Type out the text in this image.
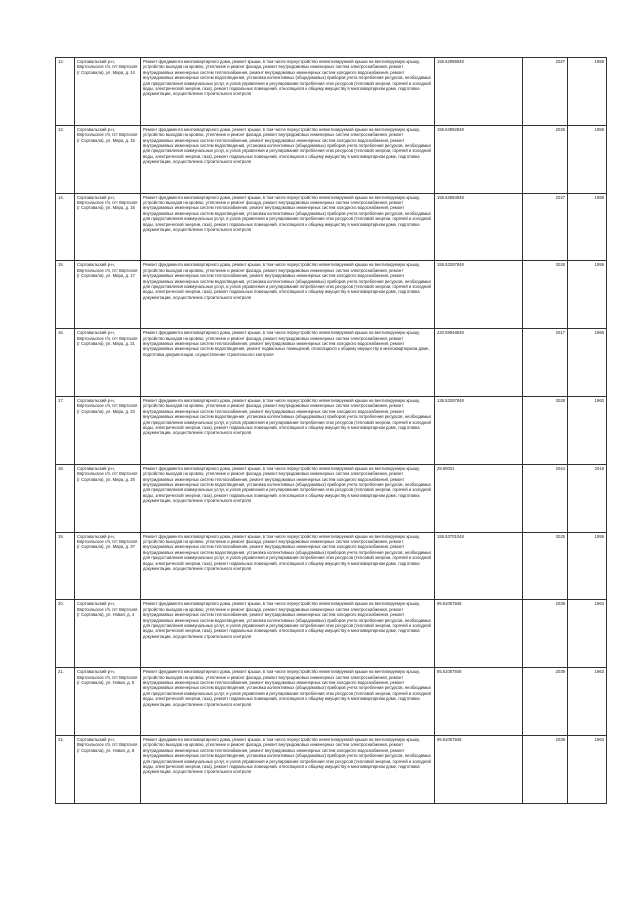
12.	Сортавальский р-н, Вяртсильское г/п, пгт Вяртсиля (г Сортавала), ул. Мира, д. 14	Ремонт фундамента многоквартирного дома, ремонт крыши, в том числе переустройство невентилируемой крыши на вентилируемую крышу, устройство выходов на кровлю, утепление и ремонт фасада, ремонт внутридомовых инженерных систем электроснабжения, ремонт внутридомовых инженерных систем теплоснабжения, ремонт внутридомовых инженерных систем холодного водоснабжения, ремонт внутридомовых инженерных систем водоотведения, установка коллективных (общедомовых) приборов учета потребления ресурсов, необходимых для предоставления коммунальных услуг, и узлов управления и регулирования потребления этих ресурсов (тепловой энергии, горячей и холодной воды, электрической энергии, газа), ремонт подвальных помещений, относящихся к общему имуществу в многоквартирном доме, подготовка документации, осуществление строительного контроля	155.52996848	2027	1959
13.	Сортавальский р-н, Вяртсильское г/п, пгт Вяртсиля (г Сортавала), ул. Мира, д. 15	Ремонт фундамента многоквартирного дома, ремонт крыши, в том числе переустройство невентилируемой крыши на вентилируемую крышу, устройство выходов на кровлю, утепление и ремонт фасада, ремонт внутридомовых инженерных систем электроснабжения, ремонт внутридомовых инженерных систем теплоснабжения, ремонт внутридомовых инженерных систем холодного водоснабжения, ремонт внутридомовых инженерных систем водоотведения, установка коллективных (общедомовых) приборов учета потребления ресурсов, необходимых для предоставления коммунальных услуг, и узлов управления и регулирования потребления этих ресурсов (тепловой энергии, горячей и холодной воды, электрической энергии, газа), ремонт подвальных помещений, относящихся к общему имуществу в многоквартирном доме, подготовка документации, осуществление строительного контроля	155.53992848	2026	1958
14.	Сортавальский р-н, Вяртсильское г/п, пгт Вяртсиля (г Сортавала), ул. Мира, д. 16	Ремонт фундамента многоквартирного дома, ремонт крыши, в том числе переустройство невентилируемой крыши на вентилируемую крышу, устройство выходов на кровлю, утепление и ремонт фасада, ремонт внутридомовых инженерных систем электроснабжения, ремонт внутридомовых инженерных систем теплоснабжения, ремонт внутридомовых инженерных систем холодного водоснабжения, ремонт внутридомовых инженерных систем водоотведения, установка коллективных (общедомовых) приборов учета потребления ресурсов, необходимых для предоставления коммунальных услуг, и узлов управления и регулирования потребления этих ресурсов (тепловой энергии, горячей и холодной воды, электрической энергии, газа), ремонт подвальных помещений, относящихся к общему имуществу в многоквартирном доме, подготовка документации, осуществление строительного контроля	155.52994848	2027	1959
15.	Сортавальский р-н, Вяртсильское г/п, пгт Вяртсиля (г Сортавала), ул. Мира, д. 17	Ремонт фундамента многоквартирного дома, ремонт крыши, в том числе переустройство невентилируемой крыши на вентилируемую крышу, устройство выходов на кровлю, утепление и ремонт фасада, ремонт внутридомовых инженерных систем электроснабжения, ремонт внутридомовых инженерных систем теплоснабжения, ремонт внутридомовых инженерных систем холодного водоснабжения, ремонт внутридомовых инженерных систем водоотведения, установка коллективных (общедомовых) приборов учета потребления ресурсов, необходимых для предоставления коммунальных услуг, и узлов управления и регулирования потребления этих ресурсов (тепловой энергии, горячей и холодной воды, электрической энергии, газа), ремонт подвальных помещений, относящихся к общему имуществу в многоквартирном доме, подготовка документации, осуществление строительного контроля	155.53297848	2026	1959
16.	Сортавальский р-н, Вяртсильское г/п, пгт Вяртсиля (г Сортавала), ул. Мира, д. 21	Ремонт фундамента многоквартирного дома, ремонт крыши, в том числе переустройство невентилируемой крыши на вентилируемую крышу, устройство выходов на кровлю, утепление и ремонт фасада, ремонт внутридомовых инженерных систем электроснабжения, ремонт внутридомовых инженерных систем теплоснабжения, ремонт внутридомовых инженерных систем холодного водоснабжения, ремонт внутридомовых инженерных систем водоотведения, ремонт подвальных помещений, относящихся к общему имуществу в многоквартирном доме, подготовка документации, осуществление строительного контроля	220.59948848	2017	1966
17.	Сортавальский р-н, Вяртсильское г/п, пгт Вяртсиля (г Сортавала), ул. Мира, д. 23	Ремонт фундамента многоквартирного дома, ремонт крыши, в том числе переустройство невентилируемой крыши на вентилируемую крышу, устройство выходов на кровлю, утепление и ремонт фасада, ремонт внутридомовых инженерных систем электроснабжения, ремонт внутридомовых инженерных систем теплоснабжения, ремонт внутридомовых инженерных систем холодного водоснабжения, ремонт внутридомовых инженерных систем водоотведения, установка коллективных (общедомовых) приборов учета потребления ресурсов, необходимых для предоставления коммунальных услуг, и узлов управления и регулирования потребления этих ресурсов (тепловой энергии, горячей и холодной воды, электрической энергии, газа), ремонт подвальных помещений, относящихся к общему имуществу в многоквартирном доме, подготовка документации, осуществление строительного контроля	136.53297848	2028	1963
18.	Сортавальский р-н, Вяртсильское г/п, пгт Вяртсиля (г Сортавала), ул. Мира, д. 25	Ремонт фундамента многоквартирного дома, ремонт крыши, в том числе переустройство невентилируемой крыши на вентилируемую крышу, устройство выходов на кровлю, утепление и ремонт фасада, ремонт внутридомовых инженерных систем электроснабжения, ремонт внутридомовых инженерных систем теплоснабжения, ремонт внутридомовых инженерных систем холодного водоснабжения, ремонт внутридомовых инженерных систем водоотведения, установка коллективных (общедомовых) приборов учета потребления ресурсов, необходимых для предоставления коммунальных услуг, и узлов управления и регулирования потребления этих ресурсов (тепловой энергии, горячей и холодной воды, электрической энергии, газа), ремонт подвальных помещений, относящихся к общему имуществу в многоквартирном доме, подготовка документации, осуществление строительного контроля	28.50031	2044	2016
19.	Сортавальский р-н, Вяртсильское г/п, пгт Вяртсиля (г Сортавала), ул. Мира, д. 37	Ремонт фундамента многоквартирного дома, ремонт крыши, в том числе переустройство невентилируемой крыши на вентилируемую крышу, устройство выходов на кровлю, утепление и ремонт фасада, ремонт внутридомовых инженерных систем электроснабжения, ремонт внутридомовых инженерных систем теплоснабжения, ремонт внутридомовых инженерных систем холодного водоснабжения, ремонт внутридомовых инженерных систем водоотведения, установка коллективных (общедомовых) приборов учета потребления ресурсов, необходимых для предоставления коммунальных услуг, и узлов управления и регулирования потребления этих ресурсов (тепловой энергии, горячей и холодной воды, электрической энергии, газа), ремонт подвальных помещений, относящихся к общему имуществу в многоквартирном доме, подготовка документации, осуществление строительного контроля	155.53701048	2025	1959
20.	Сортавальский р-н, Вяртсильское г/п, пгт Вяртсиля (г Сортавала), ул. Новая, д. 4	Ремонт фундамента многоквартирного дома, ремонт крыши, в том числе переустройство невентилируемой крыши на вентилируемую крышу, устройство выходов на кровлю, утепление и ремонт фасада, ремонт внутридомовых инженерных систем электроснабжения, ремонт внутридомовых инженерных систем теплоснабжения, ремонт внутридомовых инженерных систем холодного водоснабжения, ремонт внутридомовых инженерных систем водоотведения, установка коллективных (общедомовых) приборов учета потребления ресурсов, необходимых для предоставления коммунальных услуг, и узлов управления и регулирования потребления этих ресурсов (тепловой энергии, горячей и холодной воды, электрической энергии, газа), ремонт подвальных помещений, относящихся к общему имуществу в многоквартирном доме, подготовка документации, осуществление строительного контроля	95.51057848	2039	1963
21.	Сортавальский р-н, Вяртсильское г/п, пгт Вяртсиля (г Сортавала), ул. Новая, д. 6	Ремонт фундамента многоквартирного дома, ремонт крыши, в том числе переустройство невентилируемой крыши на вентилируемую крышу, устройство выходов на кровлю, утепление и ремонт фасада, ремонт внутридомовых инженерных систем электроснабжения, ремонт внутридомовых инженерных систем теплоснабжения, ремонт внутридомовых инженерных систем холодного водоснабжения, ремонт внутридомовых инженерных систем водоотведения, установка коллективных (общедомовых) приборов учета потребления ресурсов, необходимых для предоставления коммунальных услуг, и узлов управления и регулирования потребления этих ресурсов (тепловой энергии, горячей и холодной воды, электрической энергии, газа), ремонт подвальных помещений, относящихся к общему имуществу в многоквартирном доме, подготовка документации, осуществление строительного контроля	95.51057848	2039	1963
22.	Сортавальский р-н, Вяртсильское г/п, пгт Вяртсиля (г Сортавала), ул. Новая, д. 8	Ремонт фундамента многоквартирного дома, ремонт крыши, в том числе переустройство невентилируемой крыши на вентилируемую крышу, устройство выходов на кровлю, утепление и ремонт фасада, ремонт внутридомовых инженерных систем электроснабжения, ремонт внутридомовых инженерных систем теплоснабжения, ремонт внутридомовых инженерных систем холодного водоснабжения, ремонт внутридомовых инженерных систем водоотведения, установка коллективных (общедомовых) приборов учета потребления ресурсов, необходимых для предоставления коммунальных услуг, и узлов управления и регулирования потребления этих ресурсов (тепловой энергии, горячей и холодной воды, электрической энергии, газа), ремонт подвальных помещений, относящихся к общему имуществу в многоквартирном доме, подготовка документации, осуществление строительного контроля	95.51057848	2039	1963
